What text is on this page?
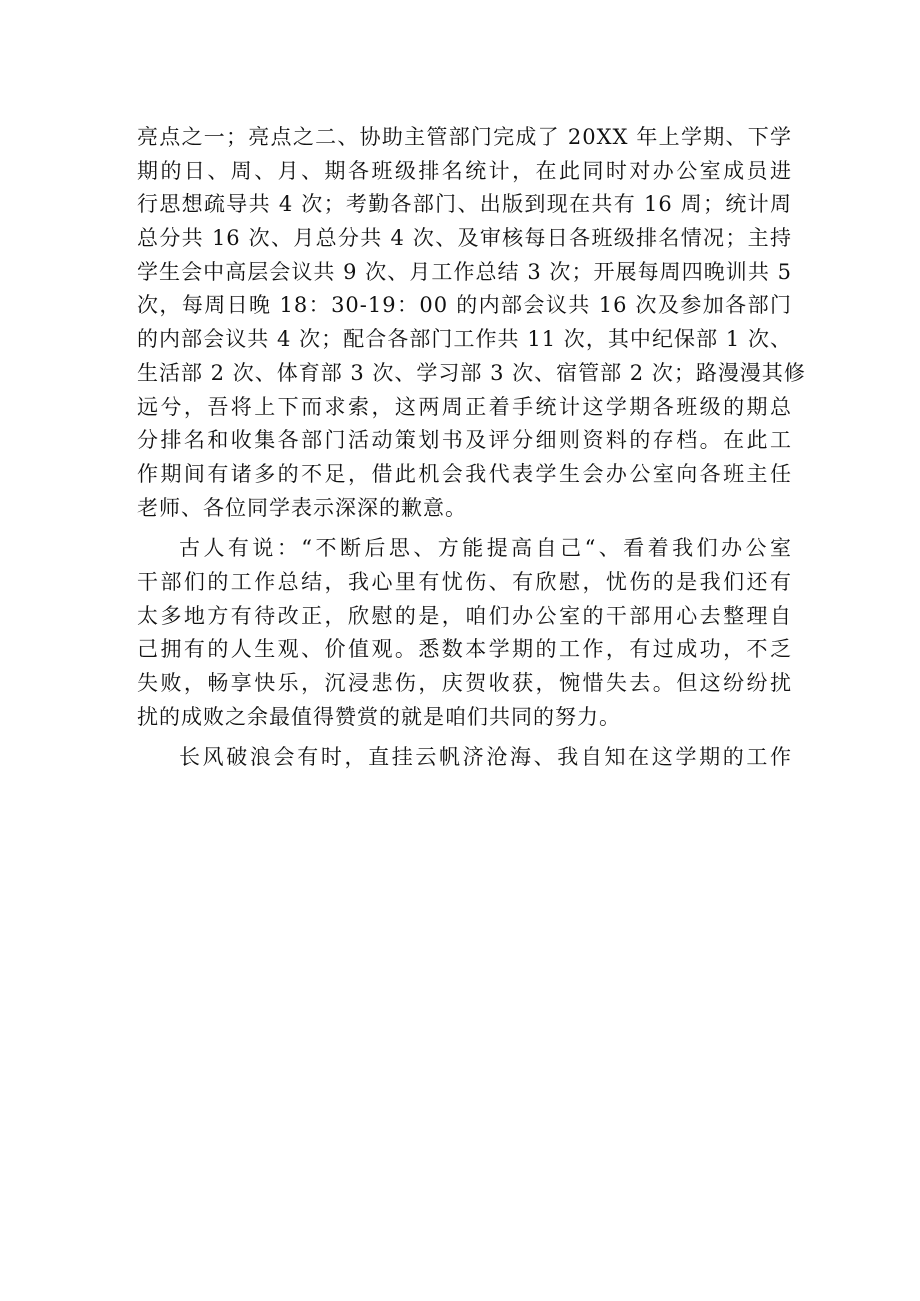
亮点之一；亮点之二、协助主管部门完成了 20XX 年上学期、下学
期的日、周、月、期各班级排名统计，在此同时对办公室成员进
行思想疏导共 4 次；考勤各部门、出版到现在共有 16 周；统计周
总分共 16 次、月总分共 4 次、及审核每日各班级排名情况；主持
学生会中高层会议共 9 次、月工作总结 3 次；开展每周四晚训共 5
次，每周日晚 18：30-19：00 的内部会议共 16 次及参加各部门
的内部会议共 4 次；配合各部门工作共 11 次，其中纪保部 1 次、
生活部 2 次、体育部 3 次、学习部 3 次、宿管部 2 次；路漫漫其修
远兮，吾将上下而求索，这两周正着手统计这学期各班级的期总
分排名和收集各部门活动策划书及评分细则资料的存档。在此工
作期间有诸多的不足，借此机会我代表学生会办公室向各班主任
老师、各位同学表示深深的歉意。
古人有说：“不断后思、方能提高自己“、看着我们办公室
干部们的工作总结，我心里有忧伤、有欣慰，忧伤的是我们还有
太多地方有待改正，欣慰的是，咱们办公室的干部用心去整理自
己拥有的人生观、价值观。悉数本学期的工作，有过成功，不乏
失败，畅享快乐，沉浸悲伤，庆贺收获，惋惜失去。但这纷纷扰
扰的成败之余最值得赞赏的就是咱们共同的努力。
长风破浪会有时，直挂云帆济沧海、我自知在这学期的工作
